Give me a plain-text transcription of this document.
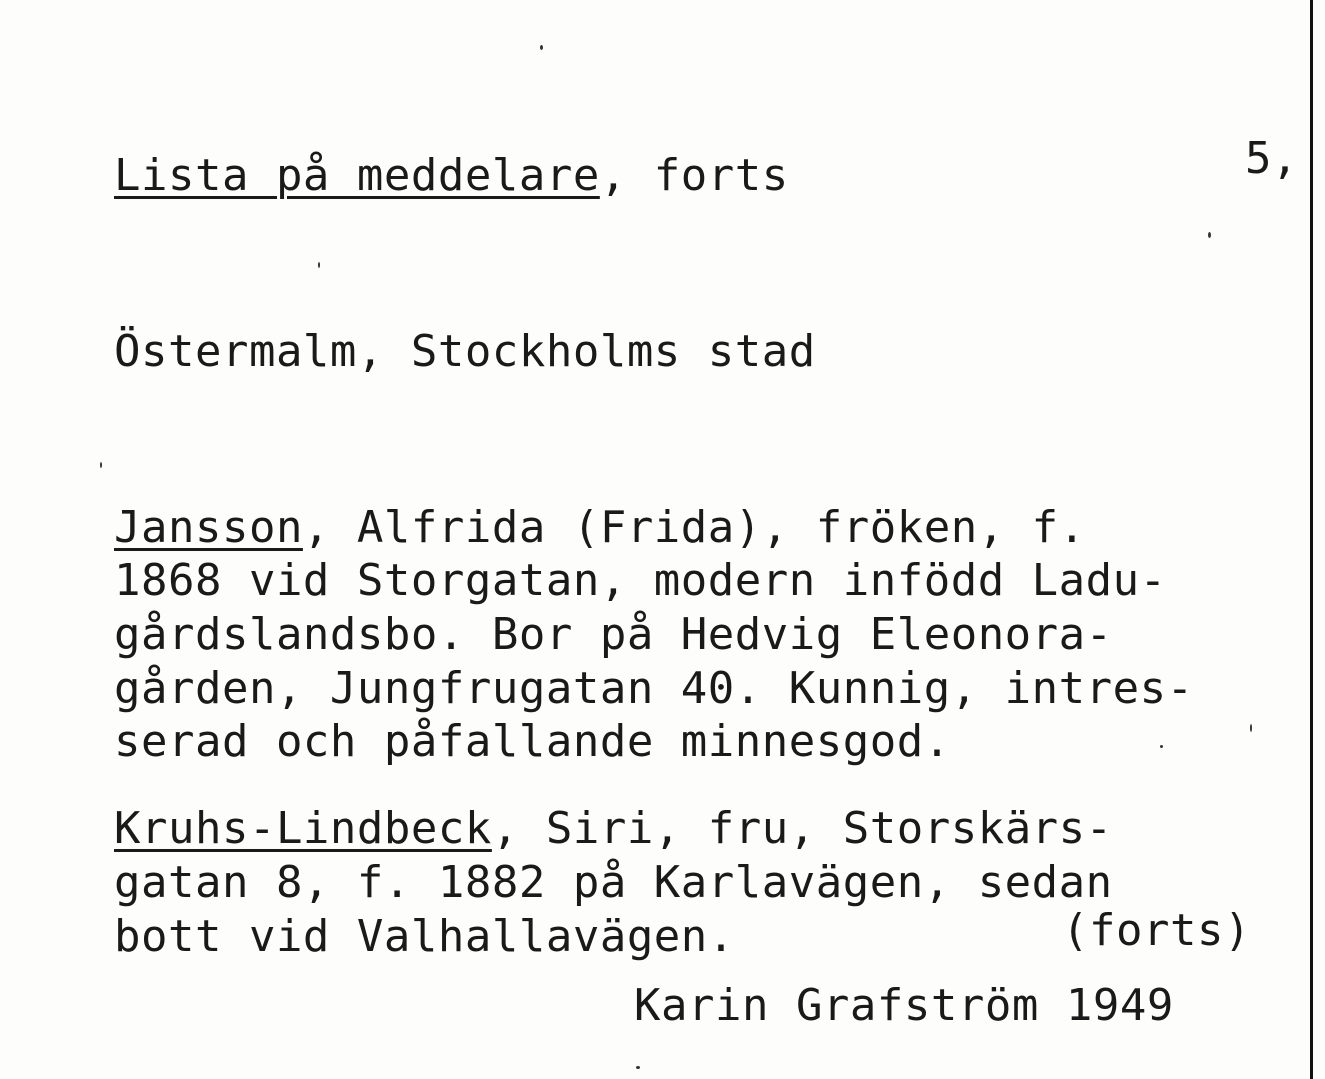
Lista på meddelare, forts	5,
Östermalm, Stockholms stad
Jansson, Alfrida (Frida), fröken, f.
1868 vid Storgatan, modern infödd Ladu-
gårdslandsbo. Bor på Hedvig Eleonora-
gården, Jungfrugatan 40. Kunnig, intres-
serad och påfallande minnesgod.
Kruhs-Lindbeck, Siri, fru, Storskärs-
gatan 8, f. 1882 på Karlavägen, sedan
bott vid Valhallavägen.	(forts)
Karin Grafström 1949
